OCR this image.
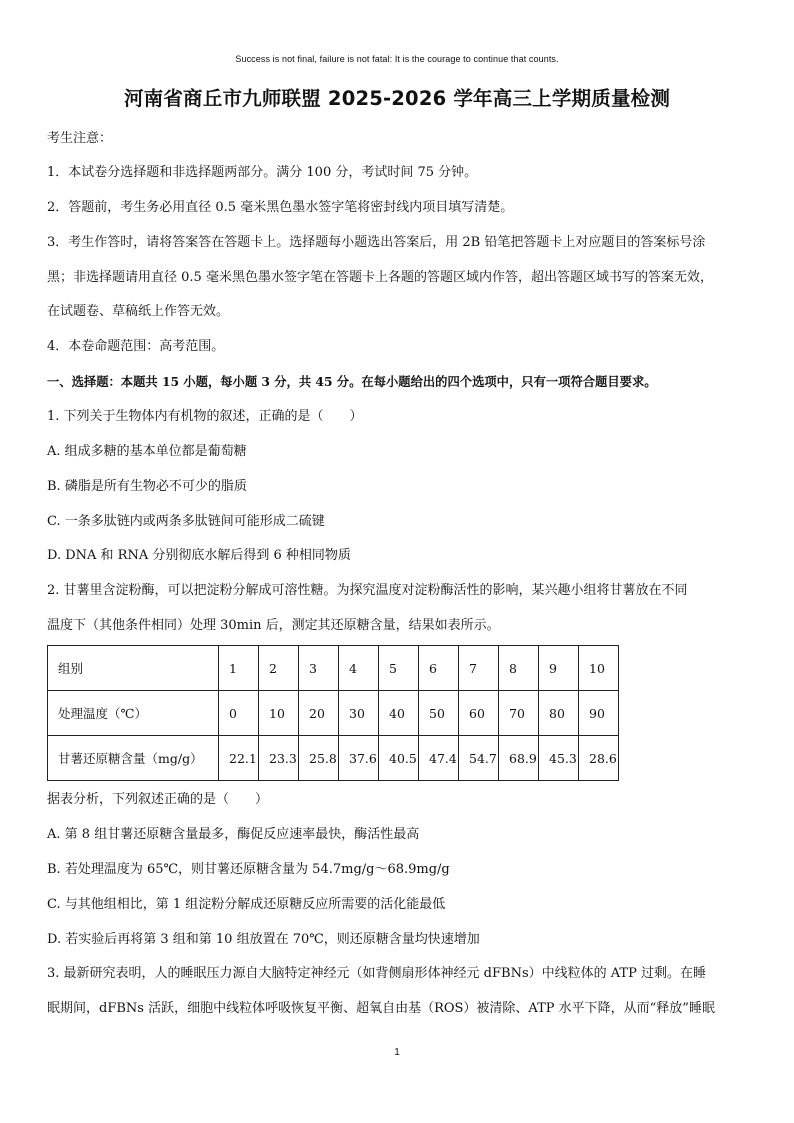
Success is not final, failure is not fatal: It is the courage to continue that counts.
河南省商丘市九师联盟 2025-2026 学年高三上学期质量检测
考生注意：
1．本试卷分选择题和非选择题两部分。满分 100 分，考试时间 75 分钟。
2．答题前，考生务必用直径 0.5 毫米黑色墨水签字笔将密封线内项目填写清楚。
3．考生作答时，请将答案答在答题卡上。选择题每小题选出答案后，用 2B 铅笔把答题卡上对应题目的答案标号涂
黑；非选择题请用直径 0.5 毫米黑色墨水签字笔在答题卡上各题的答题区域内作答，超出答题区域书写的答案无效，
在试题卷、草稿纸上作答无效。
4．本卷命题范围：高考范围。
一、选择题：本题共 15 小题，每小题 3 分，共 45 分。在每小题给出的四个选项中，只有一项符合题目要求。
1. 下列关于生物体内有机物的叙述，正确的是（　　）
A. 组成多糖的基本单位都是葡萄糖
B. 磷脂是所有生物必不可少的脂质
C. 一条多肽链内或两条多肽链间可能形成二硫键
D. DNA 和 RNA 分别彻底水解后得到 6 种相同物质
2. 甘薯里含淀粉酶，可以把淀粉分解成可溶性糖。为探究温度对淀粉酶活性的影响，某兴趣小组将甘薯放在不同
温度下（其他条件相同）处理 30min 后，测定其还原糖含量，结果如表所示。
组别	1	2	3	4	5	6	7	8	9	10
处理温度（℃）	0	10	20	30	40	50	60	70	80	90
甘薯还原糖含量（mg/g）	22.1	23.3	25.8	37.6	40.5	47.4	54.7	68.9	45.3	28.6
据表分析，下列叙述正确的是（　　）
A. 第 8 组甘薯还原糖含量最多，酶促反应速率最快，酶活性最高
B. 若处理温度为 65℃，则甘薯还原糖含量为 54.7mg/g～68.9mg/g
C. 与其他组相比，第 1 组淀粉分解成还原糖反应所需要的活化能最低
D. 若实验后再将第 3 组和第 10 组放置在 70℃，则还原糖含量均快速增加
3. 最新研究表明，人的睡眠压力源自大脑特定神经元（如背侧扇形体神经元 dFBNs）中线粒体的 ATP 过剩。在睡
眠期间，dFBNs 活跃，细胞中线粒体呼吸恢复平衡、超氧自由基（ROS）被清除、ATP 水平下降，从而“释放”睡眠
1
